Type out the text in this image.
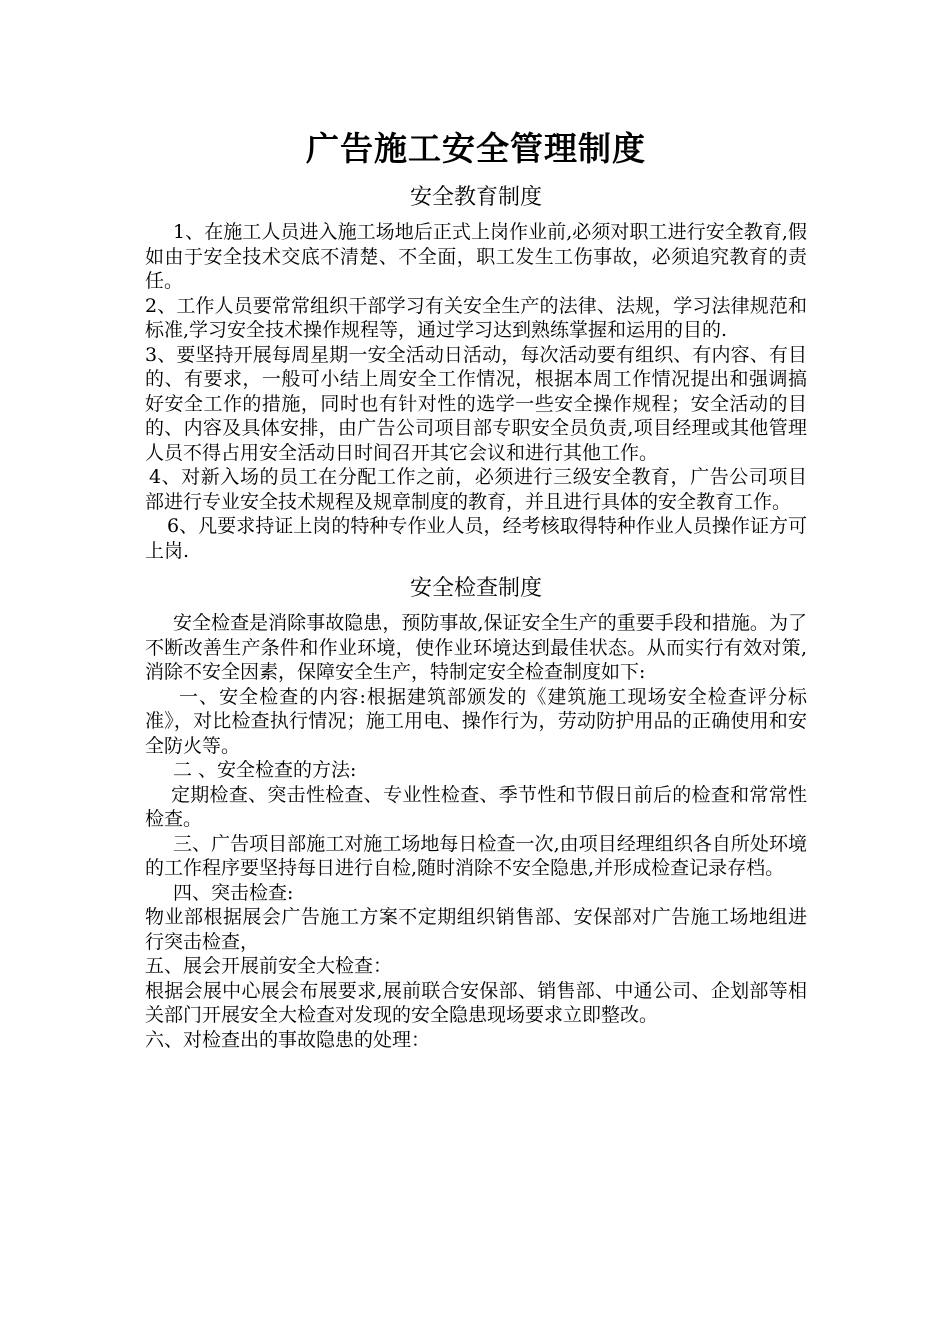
广告施工安全管理制度
安全教育制度

1、在施工人员进入施工场地后正式上岗作业前,必须对职工进行安全教育,假如由于安全技术交底不清楚、不全面，职工发生工伤事故，必须追究教育的责任。

2、工作人员要常常组织干部学习有关安全生产的法律、法规，学习法律规范和标准,学习安全技术操作规程等，通过学习达到熟练掌握和运用的目的.

3、要坚持开展每周星期一安全活动日活动，每次活动要有组织、有内容、有目的、有要求，一般可小结上周安全工作情况，根据本周工作情况提出和强调搞好安全工作的措施，同时也有针对性的选学一些安全操作规程；安全活动的目的、内容及具体安排，由广告公司项目部专职安全员负责,项目经理或其他管理人员不得占用安全活动日时间召开其它会议和进行其他工作。

4、对新入场的员工在分配工作之前，必须进行三级安全教育，广告公司项目部进行专业安全技术规程及规章制度的教育，并且进行具体的安全教育工作。

6、凡要求持证上岗的特种专作业人员，经考核取得特种作业人员操作证方可上岗.

安全检查制度

安全检查是消除事故隐患，预防事故,保证安全生产的重要手段和措施。为了不断改善生产条件和作业环境，使作业环境达到最佳状态。从而实行有效对策,消除不安全因素，保障安全生产，特制定安全检查制度如下:

一、安全检查的内容:根据建筑部颁发的《建筑施工现场安全检查评分标准》，对比检查执行情况；施工用电、操作行为，劳动防护用品的正确使用和安全防火等。

二 、安全检查的方法:

定期检查、突击性检查、专业性检查、季节性和节假日前后的检查和常常性检查。

三、广告项目部施工对施工场地每日检查一次,由项目经理组织各自所处环境的工作程序要坚持每日进行自检,随时消除不安全隐患,并形成检查记录存档。

四、突击检查:

物业部根据展会广告施工方案不定期组织销售部、安保部对广告施工场地组进行突击检查，

五、展会开展前安全大检查：

根据会展中心展会布展要求,展前联合安保部、销售部、中通公司、企划部等相关部门开展安全大检查对发现的安全隐患现场要求立即整改。

六、对检查出的事故隐患的处理：
